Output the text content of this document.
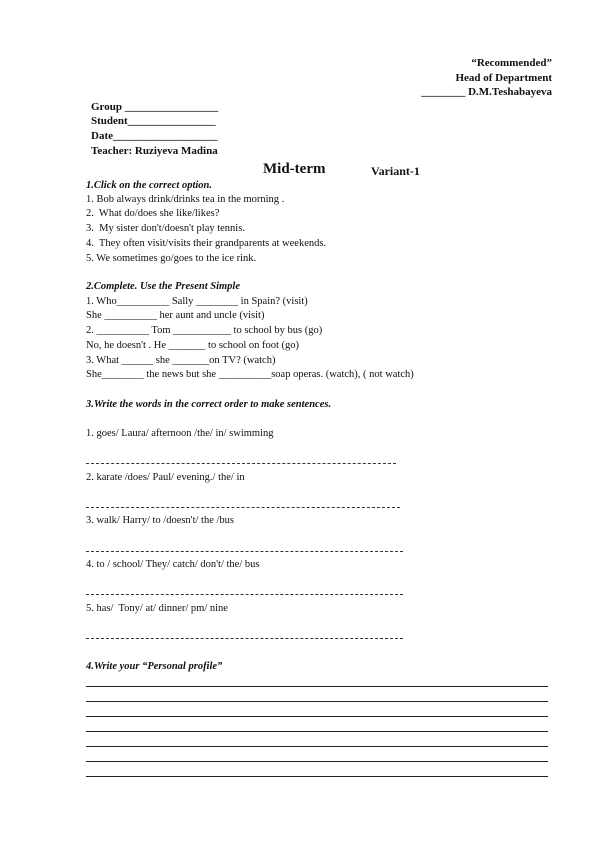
“Recommended”
Head of Department
________ D.M.Teshabayeva
Group _________________
Student________________
Date___________________
Teacher: Ruziyeva Madina
Mid-term	Variant-1
1.Click on the correct option.
1. Bob always drink/drinks tea in the morning .
2.  What do/does she like/likes?
3.  My sister don't/doesn't play tennis.
4.  They often visit/visits their grandparents at weekends.
5. We sometimes go/goes to the ice rink.
2.Complete. Use the Present Simple
1. Who__________ Sally ________ in Spain? (visit)
She __________ her aunt and uncle (visit)
2. __________ Tom ___________ to school by bus (go)
No, he doesn't . He _______ to school on foot (go)
3. What ______ she _______on TV? (watch)
She________ the news but she __________soap operas. (watch), ( not watch)
3.Write the words in the correct order to make sentences.
1. goes/ Laura/ afternoon /the/ in/ swimming
2. karate /does/ Paul/ evening./ the/ in
3. walk/ Harry/ to /doesn't/ the /bus
4. to / school/ They/ catch/ don't/ the/ bus
5. has/  Tony/ at/ dinner/ pm/ nine
4.Write your “Personal profile”
